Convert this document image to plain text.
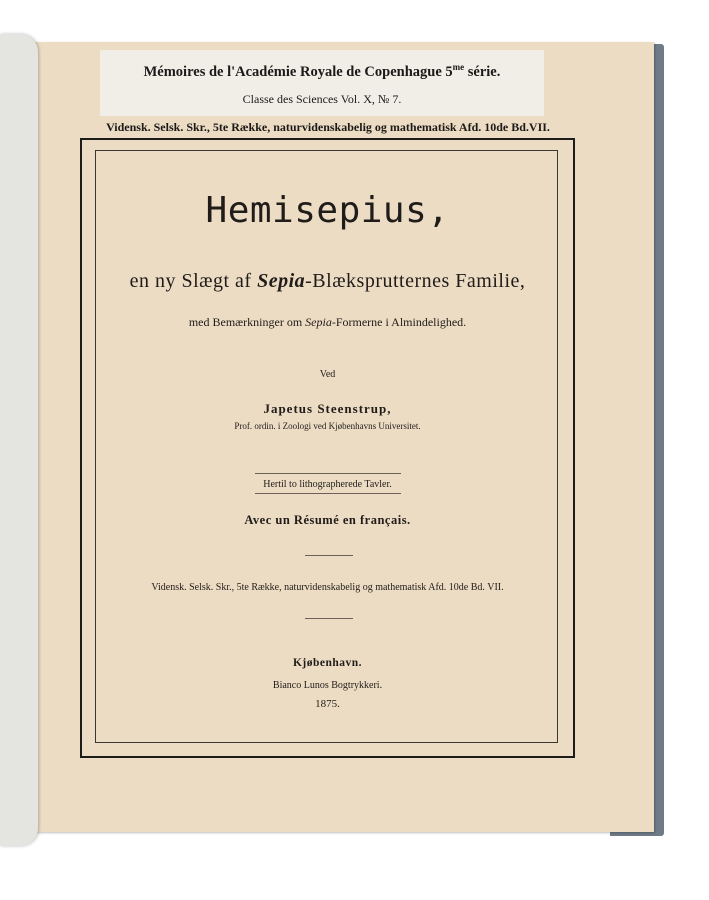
Mémoires de l'Académie Royale de Copenhague $5^{me}$ série.
Classe des Sciences Vol. X, № 7.
Vidensk. Selsk. Skr., 5te Række, naturvidenskabelig og mathematisk Afd. 10de Bd.VII.
Hemisepius,
en ny Slægt af Sepia-Blæksprutternes Familie,
med Bemærkninger om Sepia-Formerne i Almindelighed.
Ved
Japetus Steenstrup,
Prof. ordin. i Zoologi ved Kjøbenhavns Universitet.
Hertil to lithographerede Tavler.
Avec un Résumé en français.
Vidensk. Selsk. Skr., 5te Række, naturvidenskabelig og mathematisk Afd. 10de Bd. VII.
Kjøbenhavn.
Bianco Lunos Bogtrykkeri.
1875.
